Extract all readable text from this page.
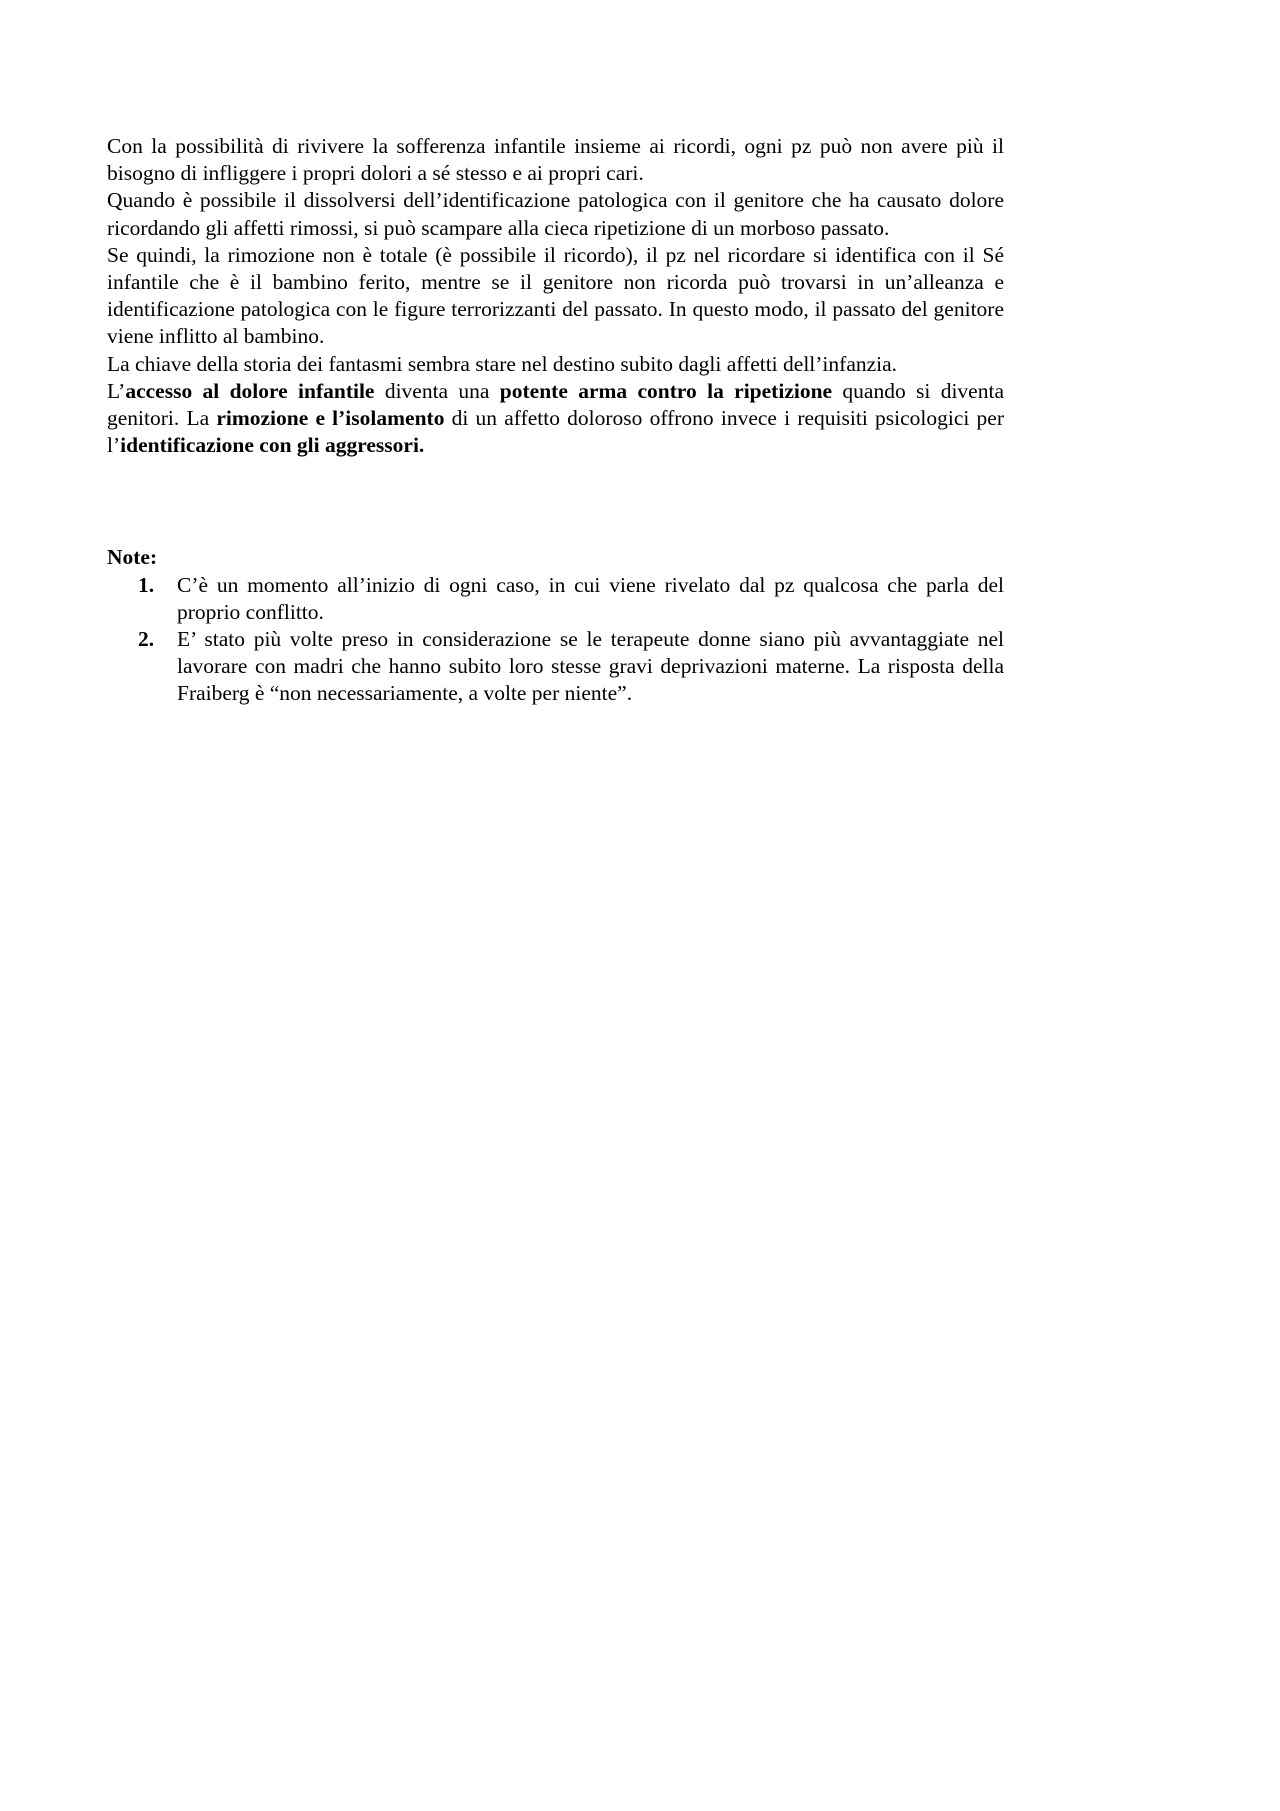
Con la possibilità di rivivere la sofferenza infantile insieme ai ricordi, ogni pz può non avere più il bisogno di infliggere i propri dolori a sé stesso e ai propri cari.

Quando è possibile il dissolversi dell’identificazione patologica con il genitore che ha causato dolore ricordando gli affetti rimossi, si può scampare alla cieca ripetizione di un morboso passato.

Se quindi, la rimozione non è totale (è possibile il ricordo), il pz nel ricordare si identifica con il Sé infantile che è il bambino ferito, mentre se il genitore non ricorda può trovarsi in un’alleanza e identificazione patologica con le figure terrorizzanti del passato. In questo modo, il passato del genitore viene inflitto al bambino.

La chiave della storia dei fantasmi sembra stare nel destino subito dagli affetti dell’infanzia.

L’accesso al dolore infantile diventa una potente arma contro la ripetizione quando si diventa genitori. La rimozione e l’isolamento di un affetto doloroso offrono invece i requisiti psicologici per l’identificazione con gli aggressori.

Note:

1. C’è un momento all’inizio di ogni caso, in cui viene rivelato dal pz qualcosa che parla del proprio conflitto.
2. E’ stato più volte preso in considerazione se le terapeute donne siano più avvantaggiate nel lavorare con madri che hanno subito loro stesse gravi deprivazioni materne. La risposta della Fraiberg è “non necessariamente, a volte per niente”.
